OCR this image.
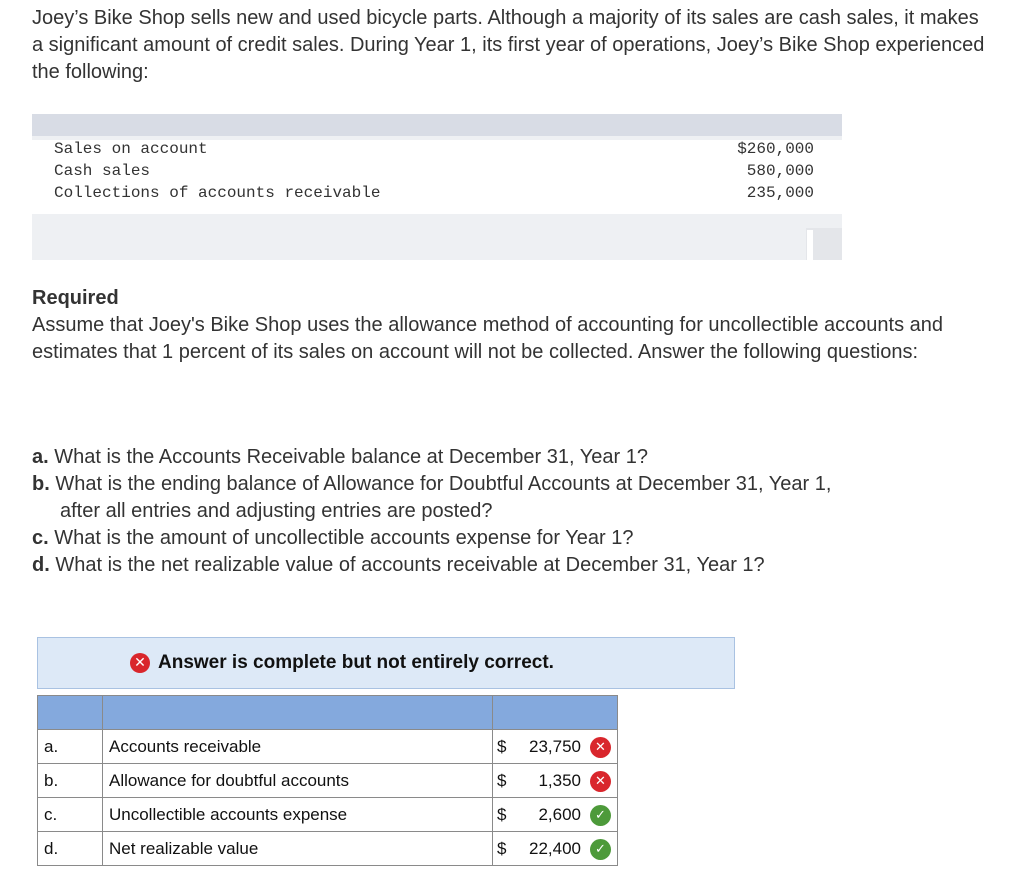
Joey’s Bike Shop sells new and used bicycle parts. Although a majority of its sales are cash sales, it makes a significant amount of credit sales. During Year 1, its first year of operations, Joey’s Bike Shop experienced the following:
Sales on account	$260,000
Cash sales	580,000
Collections of accounts receivable	235,000
Required
Assume that Joey's Bike Shop uses the allowance method of accounting for uncollectible accounts and estimates that 1 percent of its sales on account will not be collected. Answer the following questions:

a. What is the Accounts Receivable balance at December 31, Year 1?

b. What is the ending balance of Allowance for Doubtful Accounts at December 31, Year 1,
after all entries and adjusting entries are posted?

c. What is the amount of uncollectible accounts expense for Year 1?

d. What is the net realizable value of accounts receivable at December 31, Year 1?

✕ Answer is complete but not entirely correct.

a.	Accounts receivable	$ 23,750 ✕

b.	Allowance for doubtful accounts	$ 1,350 ✕

c.	Uncollectible accounts expense	$ 2,600 ✓

d.	Net realizable value	$ 22,400 ✓
